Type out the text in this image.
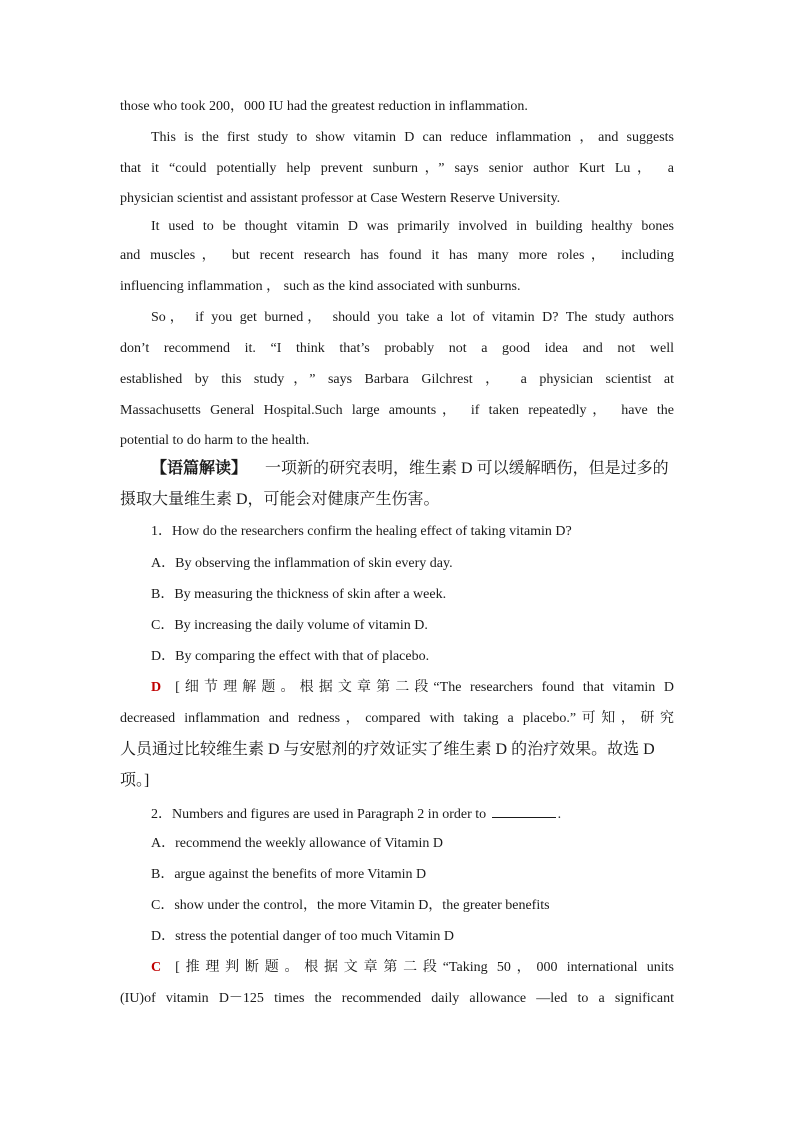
those who took 200，000 IU had the greatest reduction in inflammation.
This is the first study to show vitamin D can reduce inflammation ，and suggests
that it “could potentially help prevent sunburn，” says senior author Kurt Lu， a
physician scientist and assistant professor at Case Western Reserve University.
It used to be thought vitamin D was primarily involved in building healthy bones
and muscles， but recent research has found it has many more roles， including
influencing inflammation ， such as the kind associated with sunburns.
So， if you get burned， should you take a lot of vitamin D? The study authors
don’t recommend it. “I think that’s probably not a good idea and not well
established by this study，” says Barbara Gilchrest ， a physician scientist at
Massachusetts General Hospital.Such large amounts， if taken repeatedly， have the
potential to do harm to the health.
【语篇解读】 一项新的研究表明，维生素 D 可以缓解晒伤，但是过多的
摄取大量维生素 D，可能会对健康产生伤害。
1．How do the researchers confirm the healing effect of taking vitamin D?
A．By observing the inflammation of skin every day.
B．By measuring the thickness of skin after a week.
C．By increasing the daily volume of vitamin D.
D．By comparing the effect with that of placebo.
D [细节理解题。根据文章第二段“The researchers found that vitamin D
decreased inflammation and redness，compared with taking a placebo.”可知，研究
人员通过比较维生素 D 与安慰剂的疗效证实了维生素 D 的治疗效果。故选 D
项。]
2．Numbers and figures are used in Paragraph 2 in order to	.
A．recommend the weekly allowance of Vitamin D
B．argue against the benefits of more Vitamin D
C．show under the control，the more Vitamin D，the greater benefits
D．stress the potential danger of too much Vitamin D
C [推理判断题。根据文章第二段“Taking 50，000 international units
(IU)of vitamin D－125 times the recommended daily allowance —led to a significant
